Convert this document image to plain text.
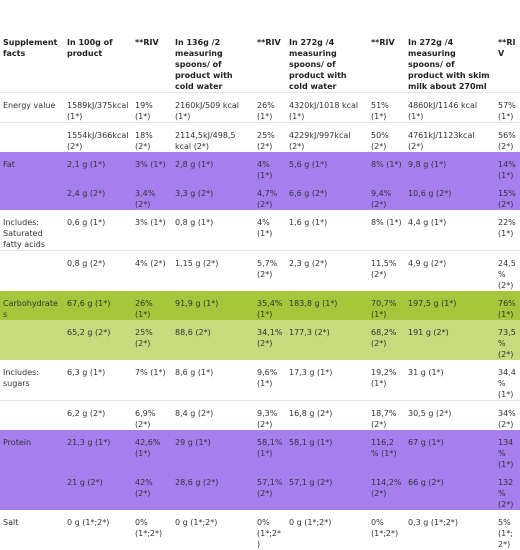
Supplement facts	In 100g of product	**RIV	In 136g /2 measuring spoons/ of product with cold water	**RIV	In 272g /4 measuring spoons/ of product with cold water	**RIV	In 272g /4 measuring spoons/ of product with skim milk about 270ml	**RIV
Energy value	1589kJ/375kcal (1*)	19% (1*)	2160kJ/509 kcal (1*)	26% (1*)	4320kJ/1018 kcal (1*)	51% (1*)	4860kJ/1146 kcal (1*)	57% (1*)
	1554kJ/366kcal (2*)	18% (2*)	2114,5kJ/498,5 kcal (2*)	25% (2*)	4229kJ/997kcal (2*)	50% (2*)	4761kJ/1123kcal (2*)	56% (2*)
Fat	2,1 g (1*)	3% (1*)	2,8 g (1*)	4% (1*)	5,6 g (1*)	8% (1*)	9,8 g (1*)	14% (1*)
	2,4 g (2*)	3,4% (2*)	3,3 g (2*)	4,7% (2*)	6,6 g (2*)	9,4% (2*)	10,6 g (2*)	15% (2*)
Includes: Saturated fatty acids	0,6 g (1*)	3% (1*)	0,8 g (1*)	4% (1*)	1,6 g (1*)	8% (1*)	4,4 g (1*)	22% (1*)
	0,8 g (2*)	4% (2*)	1,15 g (2*)	5,7% (2*)	2,3 g (2*)	11,5% (2*)	4,9 g (2*)	24,5% (2*)
Carbohydrates	67,6 g (1*)	26% (1*)	91,9 g (1*)	35,4% (1*)	183,8 g (1*)	70,7% (1*)	197,5 g (1*)	76% (1*)
	65,2 g (2*)	25% (2*)	88,6 (2*)	34,1% (2*)	177,3 (2*)	68,2% (2*)	191 g (2*)	73,5% (2*)
Includes: sugars	6,3 g (1*)	7% (1*)	8,6 g (1*)	9,6% (1*)	17,3 g (1*)	19,2% (1*)	31 g (1*)	34,4% (1*)
	6,2 g (2*)	6,9% (2*)	8,4 g (2*)	9,3% (2*)	16,8 g (2*)	18,7% (2*)	30,5 g (2*)	34% (2*)
Protein	21,3 g (1*)	42,6% (1*)	29 g (1*)	58,1% (1*)	58,1 g (1*)	116,2 % (1*)	67 g (1*)	134% (1*)
	21 g (2*)	42% (2*)	28,6 g (2*)	57,1% (2*)	57,1 g (2*)	114,2% (2*)	66 g (2*)	132% (2*)
Salt	0 g (1*;2*)	0% (1*;2*)	0 g (1*;2*)	0% (1*;2*)	0 g (1*;2*)	0% (1*;2*)	0,3 g (1*;2*)	5% (1*;2*)
